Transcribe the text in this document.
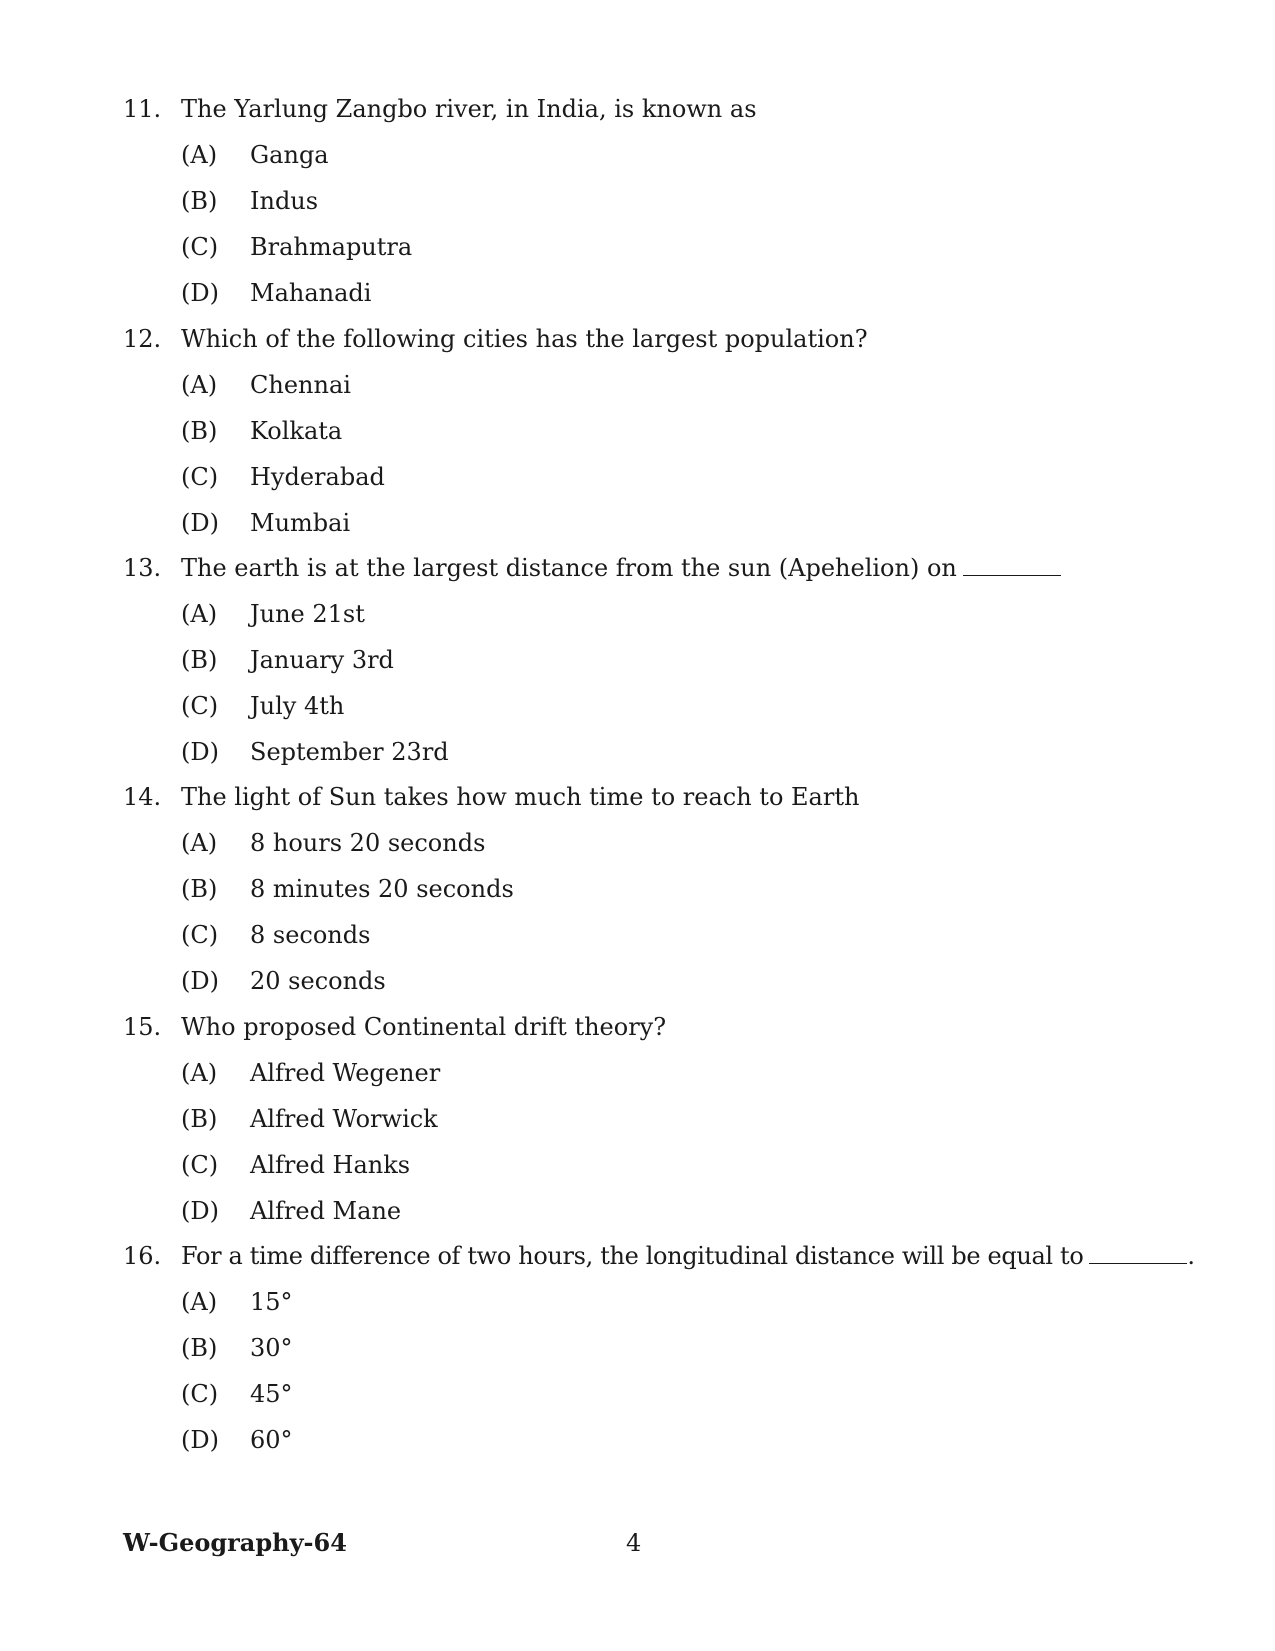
11. The Yarlung Zangbo river, in India, is known as
(A) Ganga
(B) Indus
(C) Brahmaputra
(D) Mahanadi
12. Which of the following cities has the largest population?
(A) Chennai
(B) Kolkata
(C) Hyderabad
(D) Mumbai
13. The earth is at the largest distance from the sun (Apehelion) on
(A) June 21st
(B) January 3rd
(C) July 4th
(D) September 23rd
14. The light of Sun takes how much time to reach to Earth
(A) 8 hours 20 seconds
(B) 8 minutes 20 seconds
(C) 8 seconds
(D) 20 seconds
15. Who proposed Continental drift theory?
(A) Alfred Wegener
(B) Alfred Worwick
(C) Alfred Hanks
(D) Alfred Mane
16. For a time difference of two hours, the longitudinal distance will be equal to	.
(A) 15°
(B) 30°
(C) 45°
(D) 60°
W-Geography-64	4
